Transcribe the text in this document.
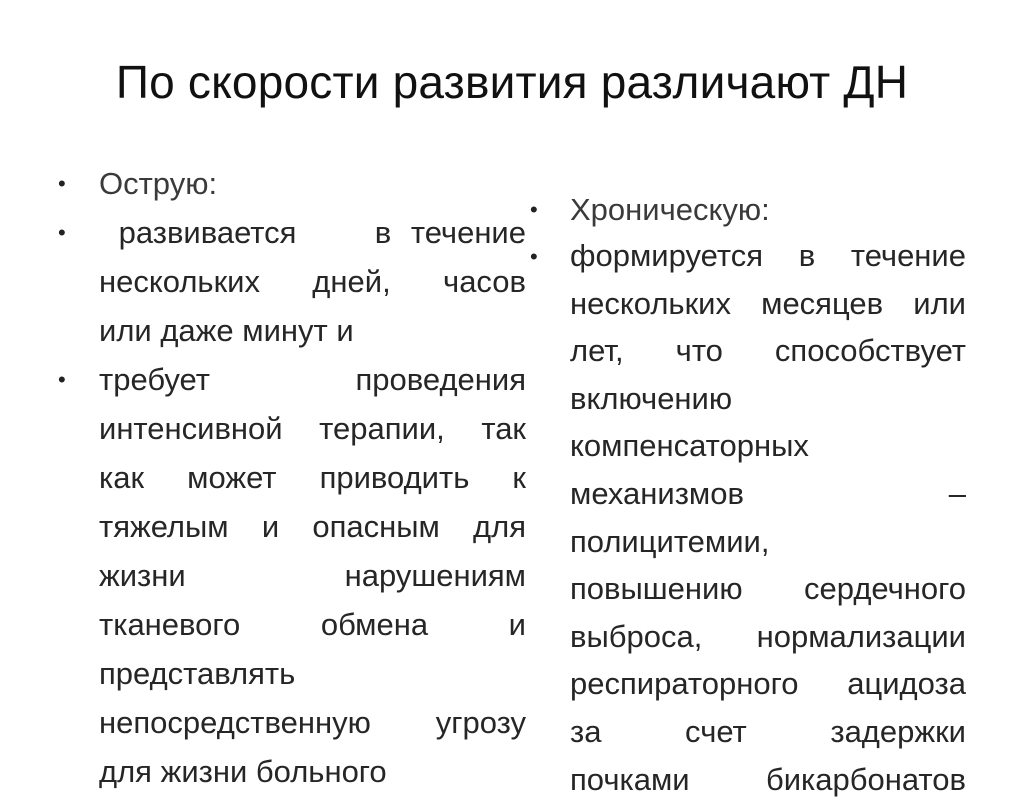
По скорости развития различают ДН
• Острую:
• развивается    в течение
нескольких    дней,    часов
или даже минут и
• требует              проведения
интенсивной терапии, так
как может приводить к
тяжелым и опасным для
жизни              нарушениям
тканевого      обмена      и
представлять
непосредственную угрозу
для жизни больного
• Хроническую:
• формируется в течение
нескольких месяцев или
лет,    что    способствует
включению
компенсаторных
механизмов                –
полицитемии,
повышению сердечного
выброса, нормализации
респираторного ацидоза
за    счет    задержки
почками бикарбонатов
